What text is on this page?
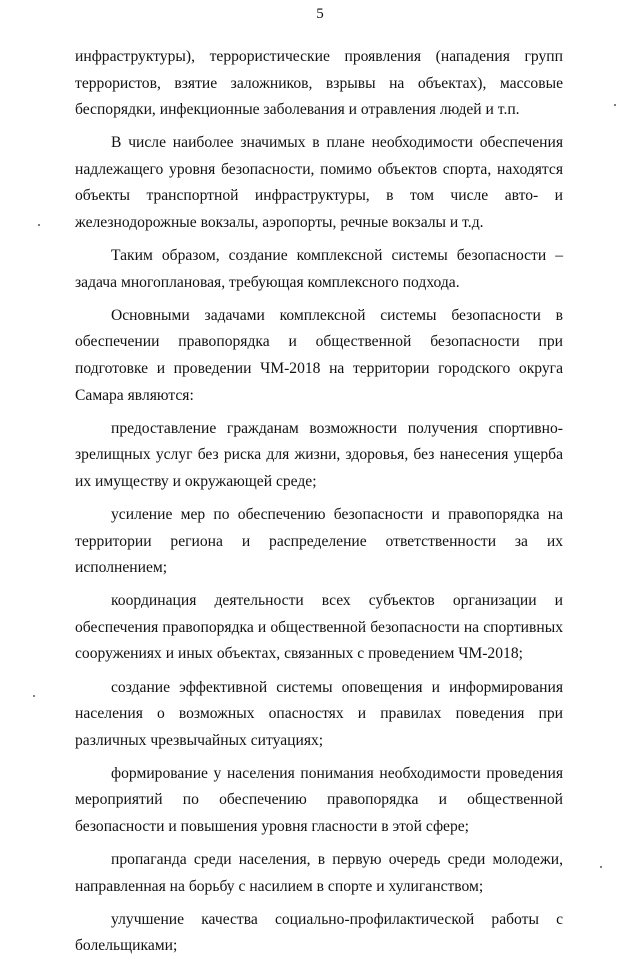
5

инфраструктуры), террористические проявления (нападения групп террористов, взятие заложников, взрывы на объектах), массовые беспорядки, инфекционные заболевания и отравления людей и т.п.

В числе наиболее значимых в плане необходимости обеспечения надлежащего уровня безопасности, помимо объектов спорта, находятся объекты транспортной инфраструктуры, в том числе авто- и железнодорожные вокзалы, аэропорты, речные вокзалы и т.д.

Таким образом, создание комплексной системы безопасности – задача многоплановая, требующая комплексного подхода.

Основными задачами комплексной системы безопасности в обеспечении правопорядка и общественной безопасности при подготовке и проведении ЧМ-2018 на территории городского округа Самара являются:

предоставление гражданам возможности получения спортивно-зрелищных услуг без риска для жизни, здоровья, без нанесения ущерба их имуществу и окружающей среде;

усиление мер по обеспечению безопасности и правопорядка на территории региона и распределение ответственности за их исполнением;

координация деятельности всех субъектов организации и обеспечения правопорядка и общественной безопасности на спортивных сооружениях и иных объектах, связанных с проведением ЧМ-2018;

создание эффективной системы оповещения и информирования населения о возможных опасностях и правилах поведения при различных чрезвычайных ситуациях;

формирование у населения понимания необходимости проведения мероприятий по обеспечению правопорядка и общественной безопасности и повышения уровня гласности в этой сфере;

пропаганда среди населения, в первую очередь среди молодежи, направленная на борьбу с насилием в спорте и хулиганством;

улучшение качества социально-профилактической работы с болельщиками;
